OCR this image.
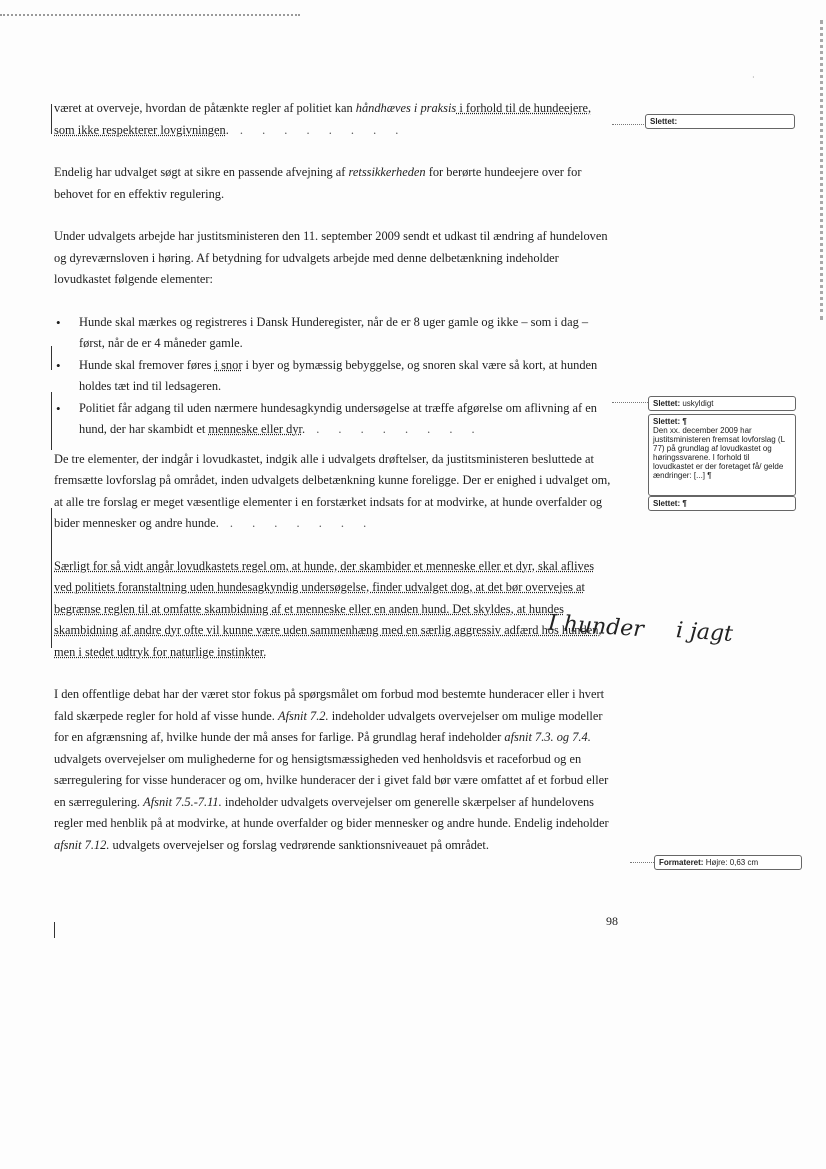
·

været at overveje, hvordan de påtænkte regler af politiet kan håndhæves i praksis i forhold til de hundeejere, som ikke respekterer lovgivningen. . . . . . . . .

Endelig har udvalget søgt at sikre en passende afvejning af retssikkerheden for berørte hundeejere over for behovet for en effektiv regulering.

Under udvalgets arbejde har justitsministeren den 11. september 2009 sendt et udkast til ændring af hundeloven og dyreværnsloven i høring. Af betydning for udvalgets arbejde med denne delbetænkning indeholder lovudkastet følgende elementer:

• Hunde skal mærkes og registreres i Dansk Hunderegister, når de er 8 uger gamle og ikke – som i dag – først, når de er 4 måneder gamle.
• Hunde skal fremover føres i snor i byer og bymæssig bebyggelse, og snoren skal være så kort, at hunden holdes tæt ind til ledsageren.
• Politiet får adgang til uden nærmere hundesagkyndig undersøgelse at træffe afgørelse om aflivning af en hund, der har skambidt et menneske eller dyr. . . . . . . . .

De tre elementer, der indgår i lovudkastet, indgik alle i udvalgets drøftelser, da justitsministeren besluttede at fremsætte lovforslag på området, inden udvalgets delbetænkning kunne foreligge. Der er enighed i udvalget om, at alle tre forslag er meget væsentlige elementer i en forstærket indsats for at modvirke, at hunde overfalder og bider mennesker og andre hunde. . . . . . . .

Særligt for så vidt angår lovudkastets regel om, at hunde, der skambider et menneske eller et dyr, skal aflives ved politiets foranstaltning uden hundesagkyndig undersøgelse, finder udvalget dog, at det bør overvejes at begrænse reglen til at omfatte skambidning af et menneske eller en anden hund. Det skyldes, at hundes skambidning af andre dyr ofte vil kunne være uden sammenhæng med en særlig aggressiv adfærd hos hunden, men i stedet udtryk for naturlige instinkter.

I den offentlige debat har der været stor fokus på spørgsmålet om forbud mod bestemte hunderacer eller i hvert fald skærpede regler for hold af visse hunde. Afsnit 7.2. indeholder udvalgets overvejelser om mulige modeller for en afgrænsning af, hvilke hunde der må anses for farlige. På grundlag heraf indeholder afsnit 7.3. og 7.4. udvalgets overvejelser om mulighederne for og hensigtsmæssigheden ved henholdsvis et raceforbud og en særregulering for visse hunderacer og om, hvilke hunderacer der i givet fald bør være omfattet af et forbud eller en særregulering. Afsnit 7.5.-7.11. indeholder udvalgets overvejelser om generelle skærpelser af hundelovens regler med henblik på at modvirke, at hunde overfalder og bider mennesker og andre hunde. Endelig indeholder afsnit 7.12. udvalgets overvejelser og forslag vedrørende sanktionsniveauet på området.

Slettet:
Slettet: uskyldigt
Slettet: ¶
Den xx. december 2009 har justitsministeren fremsat lovforslag (L 77) på grundlag af lovudkastet og høringssvarene. I forhold til lovudkastet er der foretaget få/ gelde ændringer: [...] ¶
Slettet: ¶
Formateret: Højre: 0,63 cm
I hunder i jagt
98
